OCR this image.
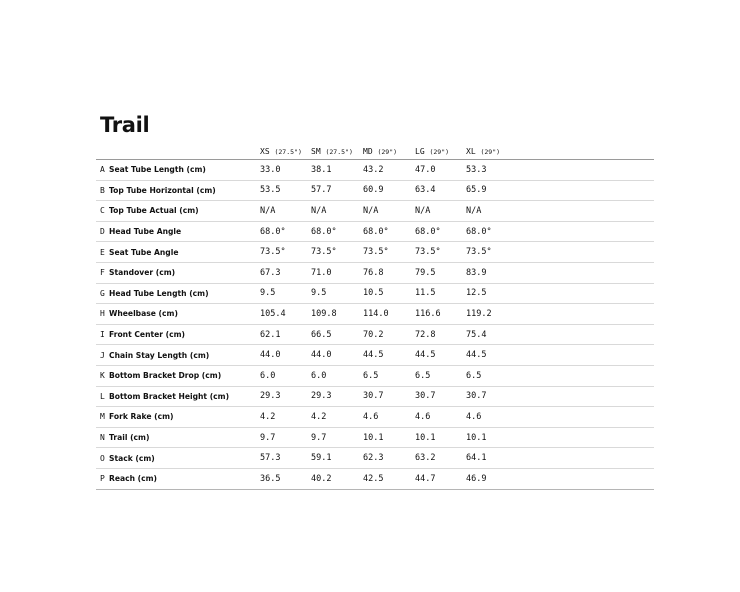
Trail
		XS (27.5")	SM (27.5")	MD (29")	LG (29")	XL (29")
A	Seat Tube Length (cm)	33.0	38.1	43.2	47.0	53.3
B	Top Tube Horizontal (cm)	53.5	57.7	60.9	63.4	65.9
C	Top Tube Actual (cm)	N/A	N/A	N/A	N/A	N/A
D	Head Tube Angle	68.0°	68.0°	68.0°	68.0°	68.0°
E	Seat Tube Angle	73.5°	73.5°	73.5°	73.5°	73.5°
F	Standover (cm)	67.3	71.0	76.8	79.5	83.9
G	Head Tube Length (cm)	9.5	9.5	10.5	11.5	12.5
H	Wheelbase (cm)	105.4	109.8	114.0	116.6	119.2
I	Front Center (cm)	62.1	66.5	70.2	72.8	75.4
J	Chain Stay Length (cm)	44.0	44.0	44.5	44.5	44.5
K	Bottom Bracket Drop (cm)	6.0	6.0	6.5	6.5	6.5
L	Bottom Bracket Height (cm)	29.3	29.3	30.7	30.7	30.7
M	Fork Rake (cm)	4.2	4.2	4.6	4.6	4.6
N	Trail (cm)	9.7	9.7	10.1	10.1	10.1
O	Stack (cm)	57.3	59.1	62.3	63.2	64.1
P	Reach (cm)	36.5	40.2	42.5	44.7	46.9
